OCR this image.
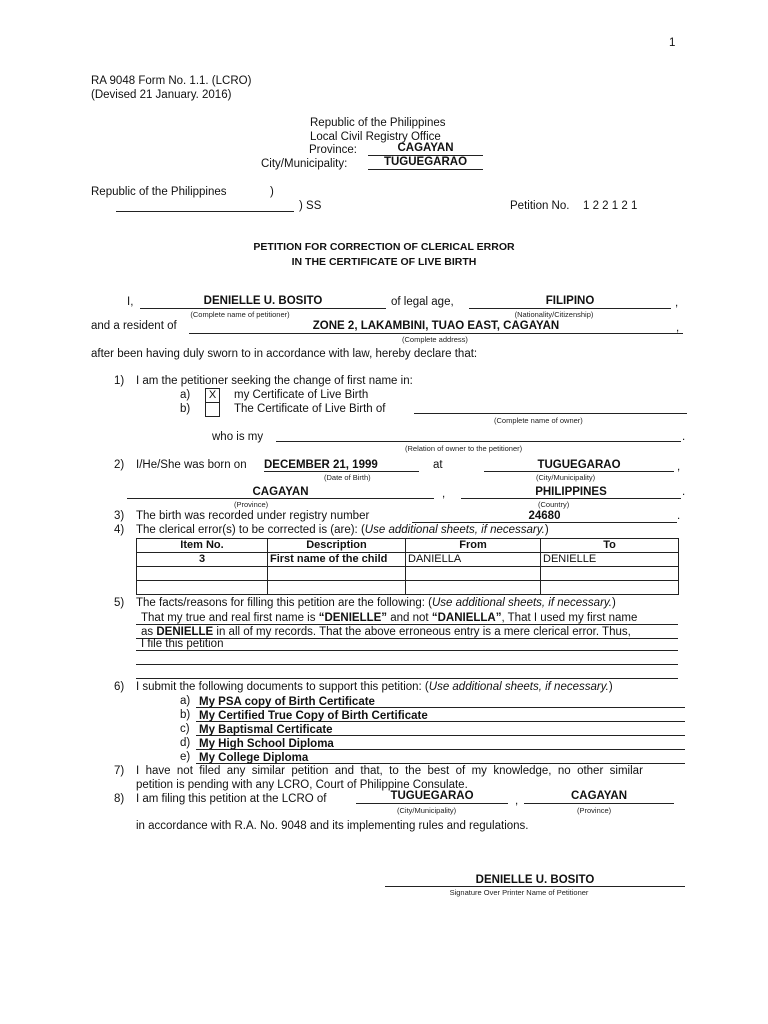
1
RA 9048 Form No. 1.1. (LCRO)
(Devised 21 January. 2016)
Republic of the Philippines
Local Civil Registry Office
Province:	CAGAYAN
City/Municipality:	TUGUEGARAO
Republic of the Philippines	)
) SS	Petition No. 1 2 2 1 2 1
PETITION FOR CORRECTION OF CLERICAL ERROR
IN THE CERTIFICATE OF LIVE BIRTH
I,	DENIELLE U. BOSITO
(Complete name of petitioner)
of legal age,	FILIPINO	,
(Nationality/Citizenship)
and a resident of	ZONE 2, LAKAMBINI, TUAO EAST, CAGAYAN	,
(Complete address)
after been having duly sworn to in accordance with law, hereby declare that:
1) I am the petitioner seeking the change of first name in:
a)	X	my Certificate of Live Birth
b)	The Certificate of Live Birth of
(Complete name of owner)
who is my	.
(Relation of owner to the petitioner)
2) I/He/She was born on DECEMBER 21, 1999
(Date of Birth)
at	TUGUEGARAO	,
(City/Municipality)
CAGAYAN	,
(Province)
PHILIPPINES	.
(Country)
3) The birth was recorded under registry number	24680	.
4) The clerical error(s) to be corrected is (are): (Use additional sheets, if necessary.)
Item No.	Description	From	To
3	First name of the child	DANIELLA	DENIELLE

5) The facts/reasons for filling this petition are the following: (Use additional sheets, if necessary.)
That my true and real first name is “DENIELLE” and not “DANIELLA”, That I used my first name
as DENIELLE in all of my records. That the above erroneous entry is a mere clerical error. Thus,
I file this petition
6) I submit the following documents to support this petition: (Use additional sheets, if necessary.)
a) My PSA copy of Birth Certificate
b) My Certified True Copy of Birth Certificate
c) My Baptismal Certificate
d) My High School Diploma
e) My College Diploma
7) I  have  not  filed  any  similar  petition  and  that,  to  the  best  of  my  knowledge,  no  other  similar
petition is pending with any LCRO, Court of Philippine Consulate.
8) I am filing this petition at the LCRO of	TUGUEGARAO
(City/Municipality)
,	CAGAYAN
(Province)
in accordance with R.A. No. 9048 and its implementing rules and regulations.
DENIELLE U. BOSITO
Signature Over Printer Name of Petitioner
